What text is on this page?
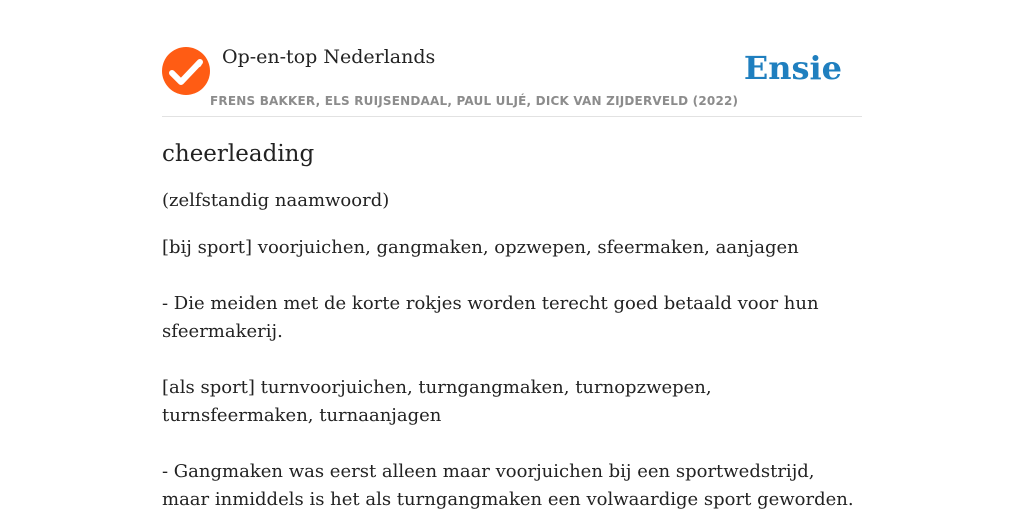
Op-en-top Nederlands
FRENS BAKKER, ELS RUIJSENDAAL, PAUL ULJÉ, DICK VAN ZIJDERVELD (2022)
Ensie
cheerleading
(zelfstandig naamwoord)

[bij sport] voorjuichen, gangmaken, opzwepen, sfeermaken, aanjagen

- Die meiden met de korte rokjes worden terecht goed betaald voor hun sfeermakerij.

[als sport] turnvoorjuichen, turngangmaken, turnopzwepen, turnsfeermaken, turnaanjagen

- Gangmaken was eerst alleen maar voorjuichen bij een sportwedstrijd, maar inmiddels is het als turngangmaken een volwaardige sport geworden.
